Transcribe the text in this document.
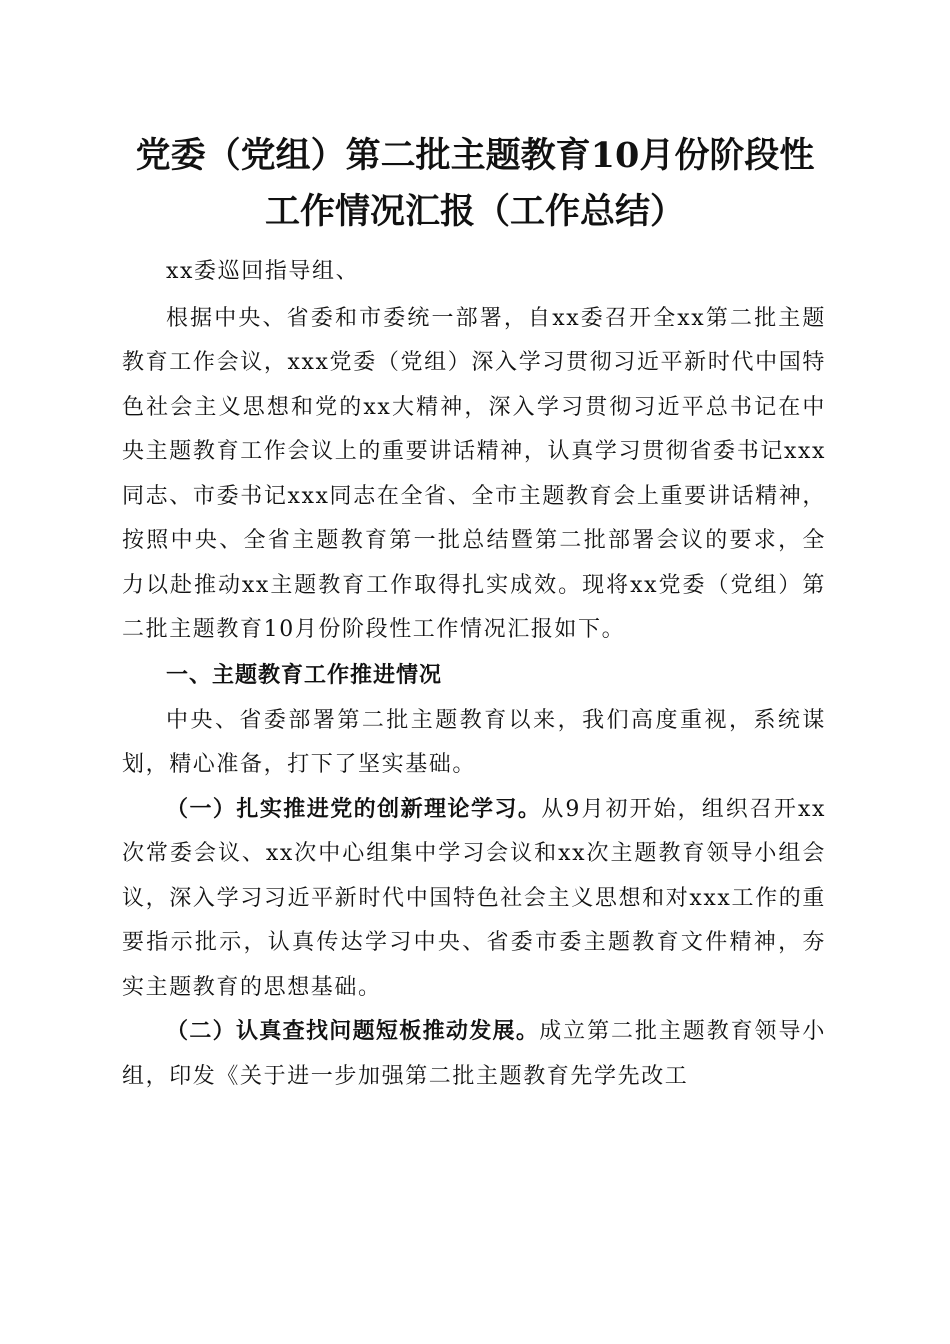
党委（党组）第二批主题教育10月份阶段性
工作情况汇报（工作总结）

xx委巡回指导组、

根据中央、省委和市委统一部署，自xx委召开全xx第二批主题教育工作会议，xxx党委（党组）深入学习贯彻习近平新时代中国特色社会主义思想和党的xx大精神，深入学习贯彻习近平总书记在中央主题教育工作会议上的重要讲话精神，认真学习贯彻省委书记xxx同志、市委书记xxx同志在全省、全市主题教育会上重要讲话精神，按照中央、全省主题教育第一批总结暨第二批部署会议的要求，全力以赴推动xx主题教育工作取得扎实成效。现将xx党委（党组）第二批主题教育10月份阶段性工作情况汇报如下。

一、主题教育工作推进情况

中央、省委部署第二批主题教育以来，我们高度重视，系统谋划，精心准备，打下了坚实基础。

（一）扎实推进党的创新理论学习。从9月初开始，组织召开xx次常委会议、xx次中心组集中学习会议和xx次主题教育领导小组会议，深入学习习近平新时代中国特色社会主义思想和对xxx工作的重要指示批示，认真传达学习中央、省委市委主题教育文件精神，夯实主题教育的思想基础。

（二）认真查找问题短板推动发展。成立第二批主题教育领导小组，印发《关于进一步加强第二批主题教育先学先改工
